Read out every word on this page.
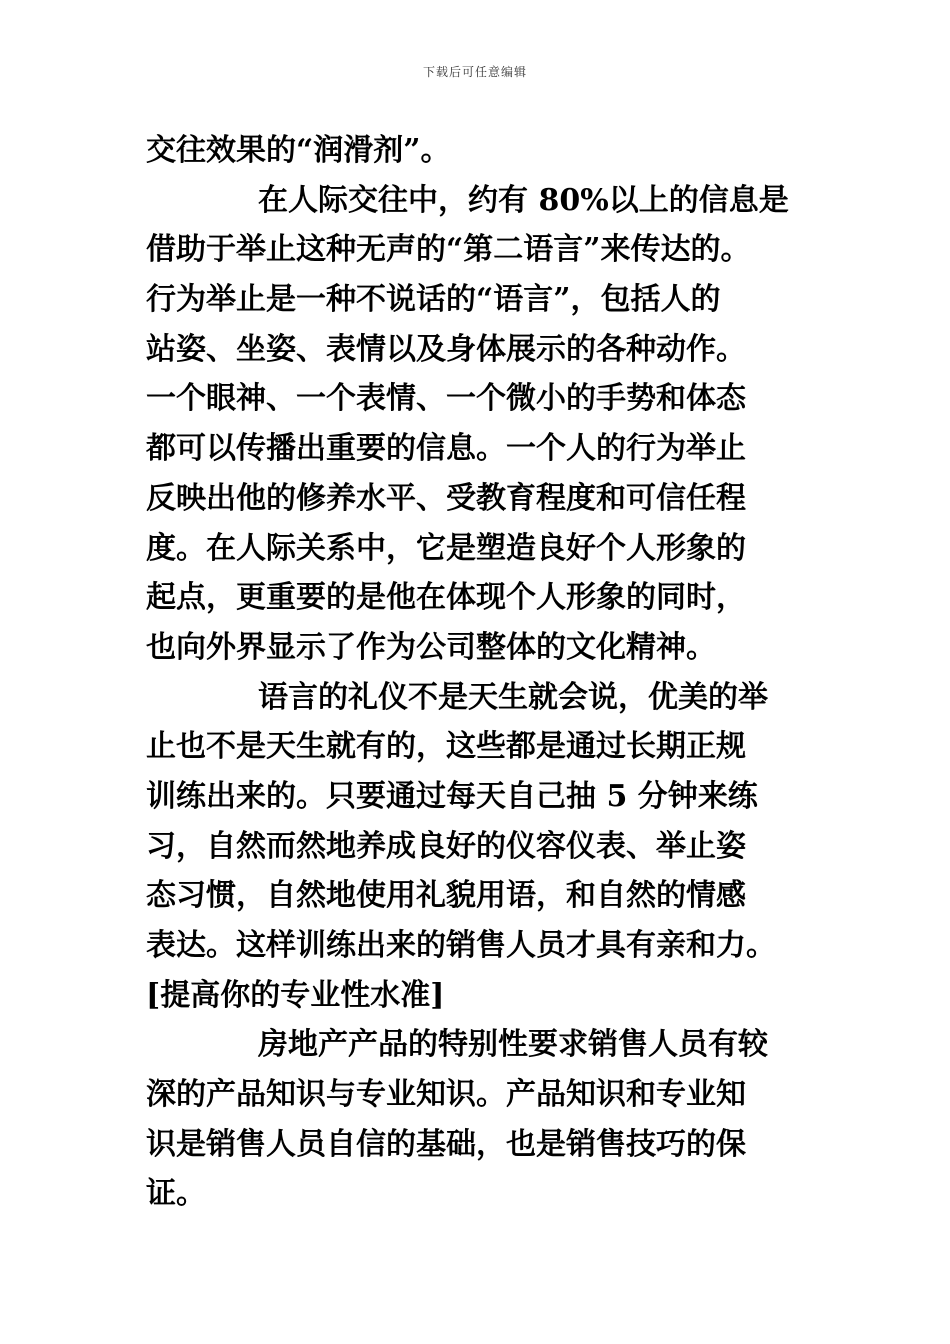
下载后可任意编辑
交往效果的“润滑剂”。
在人际交往中，约有 80%以上的信息是
借助于举止这种无声的“第二语言”来传达的。
行为举止是一种不说话的“语言”，包括人的
站姿、坐姿、表情以及身体展示的各种动作。
一个眼神、一个表情、一个微小的手势和体态
都可以传播出重要的信息。一个人的行为举止
反映出他的修养水平、受教育程度和可信任程
度。在人际关系中，它是塑造良好个人形象的
起点，更重要的是他在体现个人形象的同时，
也向外界显示了作为公司整体的文化精神。
语言的礼仪不是天生就会说，优美的举
止也不是天生就有的，这些都是通过长期正规
训练出来的。只要通过每天自己抽 5 分钟来练
习，自然而然地养成良好的仪容仪表、举止姿
态习惯，自然地使用礼貌用语，和自然的情感
表达。这样训练出来的销售人员才具有亲和力。
[提高你的专业性水准]
房地产产品的特别性要求销售人员有较
深的产品知识与专业知识。产品知识和专业知
识是销售人员自信的基础，也是销售技巧的保
证。
